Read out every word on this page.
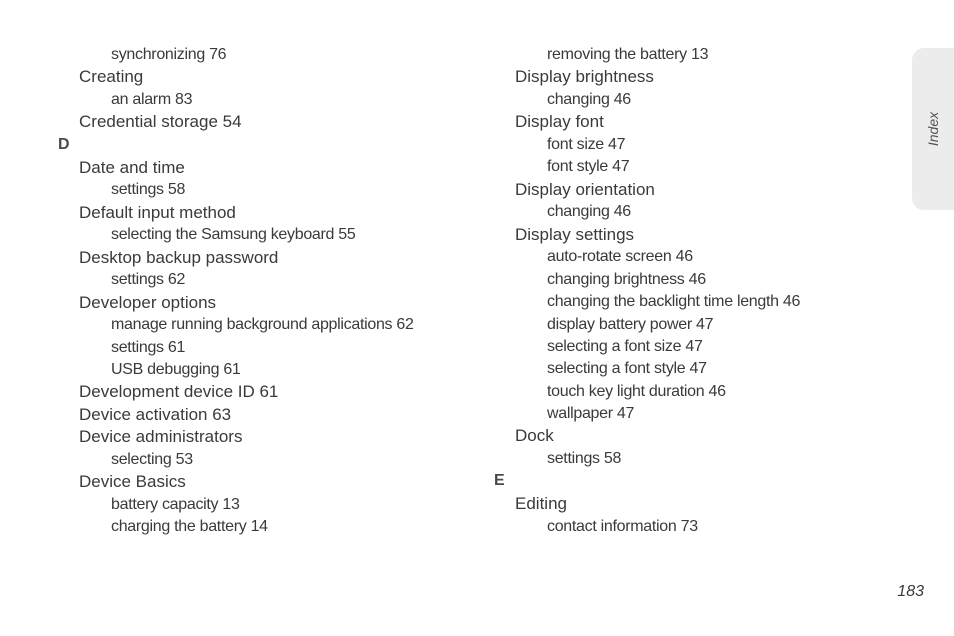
synchronizing 76
Creating
an alarm 83
Credential storage 54
D
Date and time
settings 58
Default input method
selecting the Samsung keyboard 55
Desktop backup password
settings 62
Developer options
manage running background applications 62
settings 61
USB debugging 61
Development device ID 61
Device activation 63
Device administrators
selecting 53
Device Basics
battery capacity 13
charging the battery 14
removing the battery 13
Display brightness
changing 46
Display font
font size 47
font style 47
Display orientation
changing 46
Display settings
auto-rotate screen 46
changing brightness 46
changing the backlight time length 46
display battery power 47
selecting a font size 47
selecting a font style 47
touch key light duration 46
wallpaper 47
Dock
settings 58
E
Editing
contact information 73
Index
183
